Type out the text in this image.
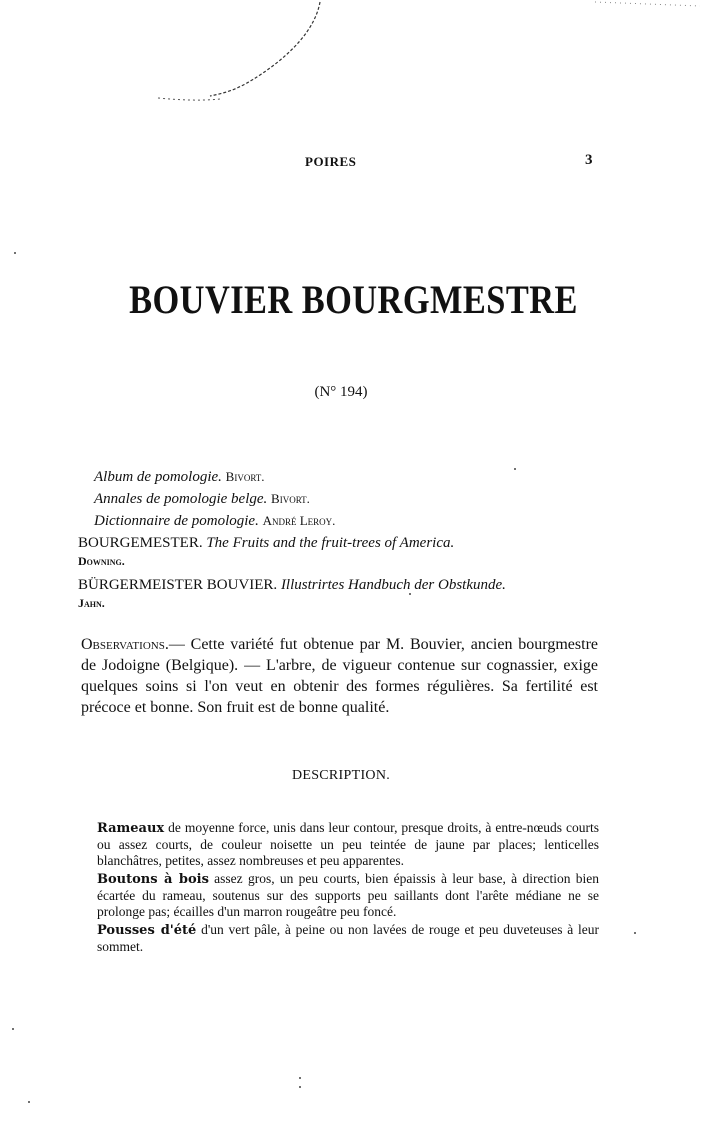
POIRES	3
BOUVIER BOURGMESTRE
(N° 194)
Album de pomologie. Bivort.
Annales de pomologie belge. Bivort.
Dictionnaire de pomologie. André Leroy.
BOURGEMESTER. The Fruits and the fruit-trees of America.
Downing.
BÜRGERMEISTER BOUVIER. Illustrirtes Handbuch der Obstkunde.
Jahn.
Observations.— Cette variété fut obtenue par M. Bouvier, ancien bourgmestre de Jodoigne (Belgique). — L'arbre, de vigueur contenue sur cognassier, exige quelques soins si l'on veut en obtenir des formes régulières. Sa fertilité est précoce et bonne. Son fruit est de bonne qualité.
DESCRIPTION.

Rameaux de moyenne force, unis dans leur contour, presque droits, à entre-nœuds courts ou assez courts, de couleur noisette un peu teintée de jaune par places; lenticelles blanchâtres, petites, assez nombreuses et peu apparentes.

Boutons à bois assez gros, un peu courts, bien épaissis à leur base, à direction bien écartée du rameau, soutenus sur des supports peu saillants dont l'arête médiane ne se prolonge pas; écailles d'un marron rougeâtre peu foncé.

Pousses d'été d'un vert pâle, à peine ou non lavées de rouge et peu duveteuses à leur sommet.
